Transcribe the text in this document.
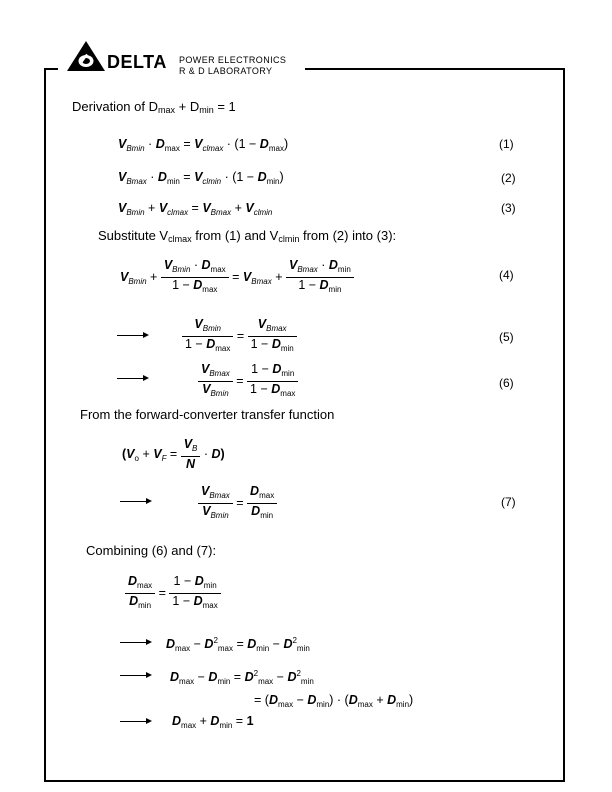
DELTA POWER ELECTRONICS
R & D LABORATORY
Derivation of Dmax + Dmin = 1
$V_{Bmin} \cdot D_{max} = V_{clmax} \cdot (1 - D_{max})$	(1)
$V_{Bmax} \cdot D_{min} = V_{clmin} \cdot (1 - D_{min})$	(2)
$V_{Bmin} + V_{clmax} = V_{Bmax} + V_{clmin}$	(3)
Substitute Vclmax from (1) and Vclmin from (2) into (3):
$V_{Bmin} + \frac{V_{Bmin} \cdot D_{max}}{1 - D_{max}} = V_{Bmax} + \frac{V_{Bmax} \cdot D_{min}}{1 - D_{min}}$	(4)
$\frac{V_{Bmin}}{1 - D_{max}} = \frac{V_{Bmax}}{1 - D_{min}}$	(5)
$\frac{V_{Bmax}}{V_{Bmin}} = \frac{1 - D_{min}}{1 - D_{max}}$	(6)
From the forward-converter transfer function
$(V_o + V_F = \frac{V_B}{N} \cdot D)$
$\frac{V_{Bmax}}{V_{Bmin}} = \frac{D_{max}}{D_{min}}$	(7)
Combining (6) and (7):
$\frac{D_{max}}{D_{min}} = \frac{1 - D_{min}}{1 - D_{max}}$
$D_{max} - D^2_{max} = D_{min} - D^2_{min}$
$D_{max} - D_{min} = D^2_{max} - D^2_{min}$
= $(D_{max} - D_{min}) \cdot (D_{max} + D_{min})$
$D_{max} + D_{min} = 1$
